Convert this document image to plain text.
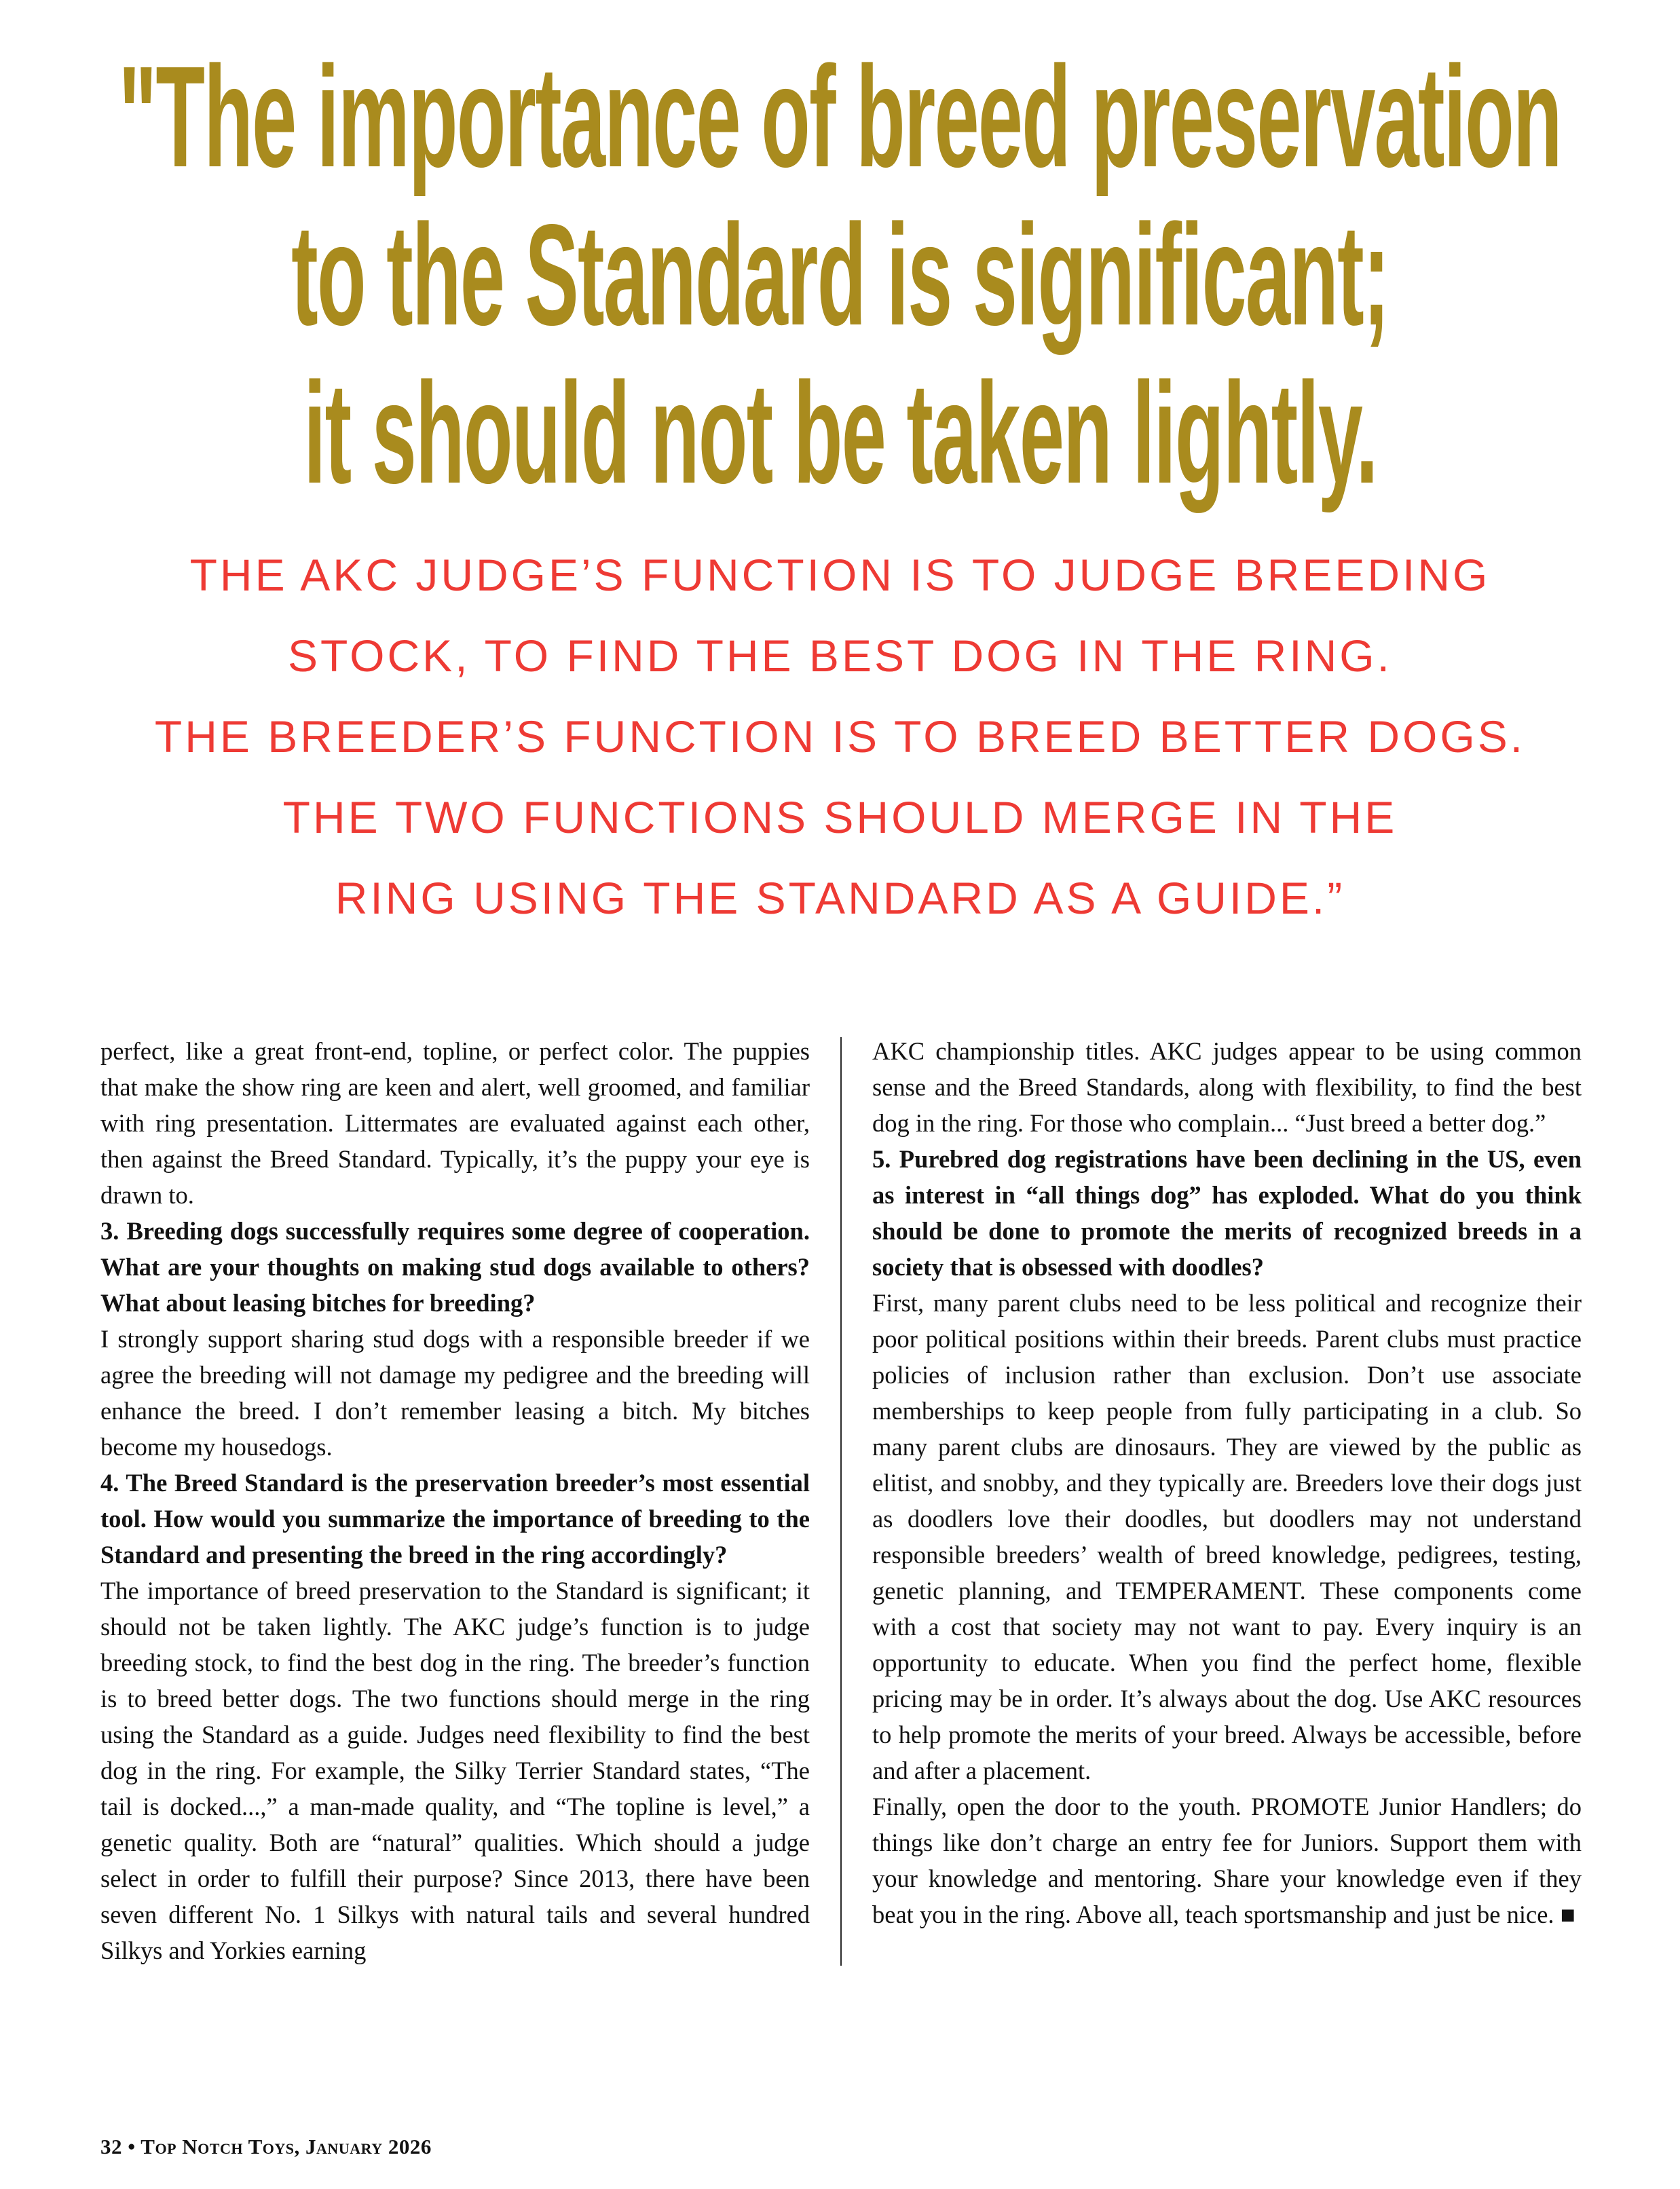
"The importance of breed preservation
to the Standard is significant;
it should not be taken lightly.
THE AKC JUDGE’S FUNCTION IS TO JUDGE BREEDING
STOCK, TO FIND THE BEST DOG IN THE RING.
THE BREEDER’S FUNCTION IS TO BREED BETTER DOGS.
THE TWO FUNCTIONS SHOULD MERGE IN THE
RING USING THE STANDARD AS A GUIDE.”

perfect, like a great front-end, topline, or perfect color. The puppies that make the show ring are keen and alert, well groomed, and familiar with ring presentation. Littermates are evaluated against each other, then against the Breed Standard. Typically, it’s the puppy your eye is drawn to.

3. Breeding dogs successfully requires some degree of cooperation. What are your thoughts on making stud dogs available to others? What about leasing bitches for breeding?

I strongly support sharing stud dogs with a responsible breeder if we agree the breeding will not damage my pedigree and the breeding will enhance the breed. I don’t remember leasing a bitch. My bitches become my housedogs.

4. The Breed Standard is the preservation breeder’s most essential tool. How would you summarize the importance of breeding to the Standard and presenting the breed in the ring accordingly?

The importance of breed preservation to the Standard is significant; it should not be taken lightly. The AKC judge’s function is to judge breeding stock, to find the best dog in the ring. The breeder’s function is to breed better dogs. The two functions should merge in the ring using the Standard as a guide. Judges need flexibility to find the best dog in the ring. For example, the Silky Terrier Standard states, “The tail is docked...,” a man-made quality, and “The topline is level,” a genetic quality. Both are “natural” qualities. Which should a judge select in order to fulfill their purpose? Since 2013, there have been seven different No. 1 Silkys with natural tails and several hundred Silkys and Yorkies earning

AKC championship titles. AKC judges appear to be using common sense and the Breed Standards, along with flexibility, to find the best dog in the ring. For those who complain... “Just breed a better dog.”

5. Purebred dog registrations have been declining in the US, even as interest in “all things dog” has exploded. What do you think should be done to promote the merits of recognized breeds in a society that is obsessed with doodles?

First, many parent clubs need to be less political and recognize their poor political positions within their breeds. Parent clubs must practice policies of inclusion rather than exclusion. Don’t use associate memberships to keep people from fully participating in a club. So many parent clubs are dinosaurs. They are viewed by the public as elitist, and snobby, and they typically are. Breeders love their dogs just as doodlers love their doodles, but doodlers may not understand responsible breeders’ wealth of breed knowledge, pedigrees, testing, genetic planning, and TEMPERAMENT. These components come with a cost that society may not want to pay. Every inquiry is an opportunity to educate. When you find the perfect home, flexible pricing may be in order. It’s always about the dog. Use AKC resources to help promote the merits of your breed. Always be accessible, before and after a placement.

Finally, open the door to the youth. PROMOTE Junior Handlers; do things like don’t charge an entry fee for Juniors. Support them with your knowledge and mentoring. Share your knowledge even if they beat you in the ring. Above all, teach sportsmanship and just be nice. ■

32 • Top Notch Toys, January 2026
